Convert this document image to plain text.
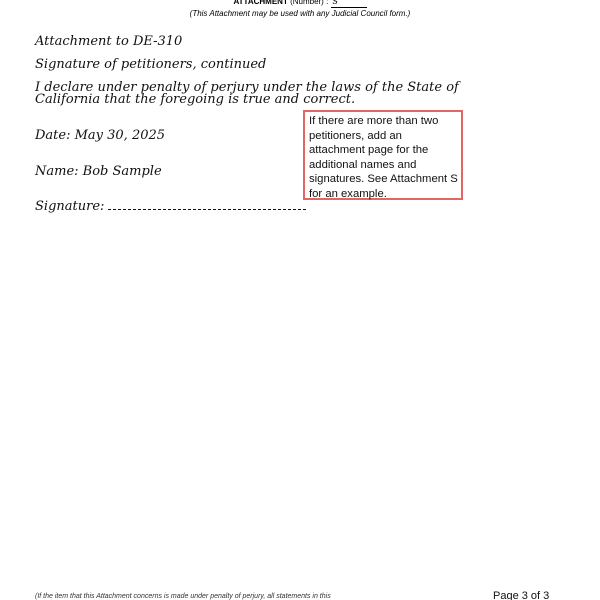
ATTACHMENT (Number) : S
(This Attachment may be used with any Judicial Council form.)

Attachment to DE-310

Signature of petitioners, continued

I declare under penalty of perjury under the laws of the State of California that the foregoing is true and correct.

Date: May 30, 2025

Name: Bob Sample

Signature:

If there are more than two petitioners, add an attachment page for the additional names and signatures. See Attachment S for an example.
(If the item that this Attachment concerns is made under penalty of perjury, all statements in this	Page 3 of 3
